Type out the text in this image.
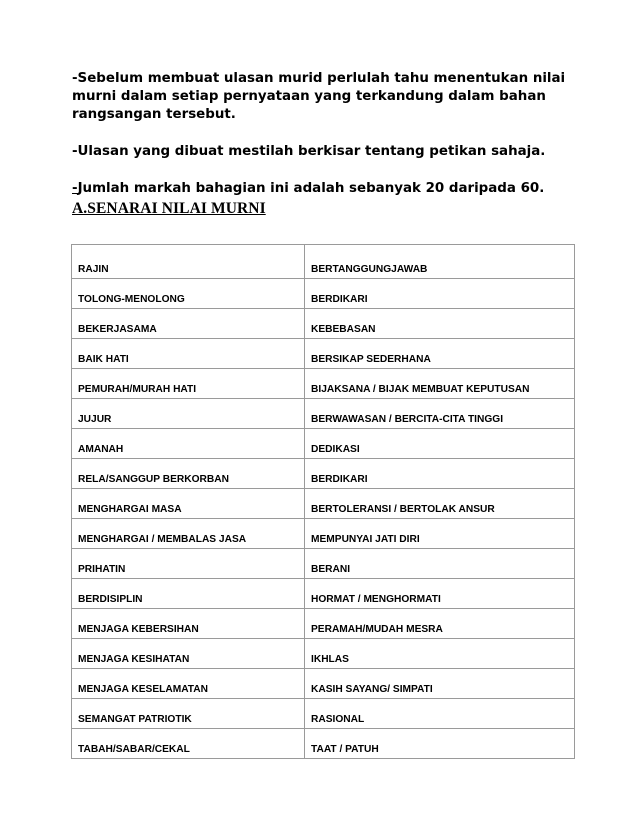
-Sebelum membuat ulasan murid perlulah tahu menentukan nilai murni dalam setiap pernyataan yang terkandung dalam bahan rangsangan tersebut.

-Ulasan yang dibuat mestilah berkisar tentang petikan sahaja.

-Jumlah markah bahagian ini adalah sebanyak 20 daripada 60.

A.SENARAI NILAI MURNI
RAJIN	BERTANGGUNGJAWAB
TOLONG-MENOLONG	BERDIKARI
BEKERJASAMA	KEBEBASAN
BAIK HATI	BERSIKAP SEDERHANA
PEMURAH/MURAH HATI	BIJAKSANA / BIJAK MEMBUAT KEPUTUSAN
JUJUR	BERWAWASAN / BERCITA-CITA TINGGI
AMANAH	DEDIKASI
RELA/SANGGUP BERKORBAN	BERDIKARI
MENGHARGAI MASA	BERTOLERANSI / BERTOLAK ANSUR
MENGHARGAI / MEMBALAS JASA	MEMPUNYAI JATI DIRI
PRIHATIN	BERANI
BERDISIPLIN	HORMAT / MENGHORMATI
MENJAGA KEBERSIHAN	PERAMAH/MUDAH MESRA
MENJAGA KESIHATAN	IKHLAS
MENJAGA KESELAMATAN	KASIH SAYANG/ SIMPATI
SEMANGAT PATRIOTIK	RASIONAL
TABAH/SABAR/CEKAL	TAAT / PATUH
